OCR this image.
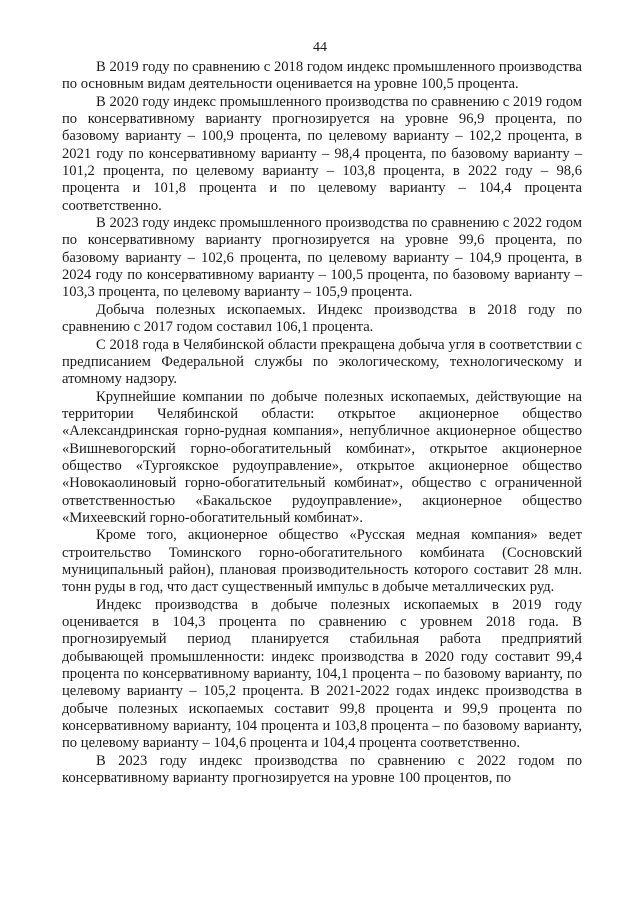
44

В 2019 году по сравнению с 2018 годом индекс промышленного производства по основным видам деятельности оценивается на уровне 100,5 процента.

В 2020 году индекс промышленного производства по сравнению с 2019 годом по консервативному варианту прогнозируется на уровне 96,9 процента, по базовому варианту – 100,9 процента, по целевому варианту – 102,2 процента, в 2021 году по консервативному варианту – 98,4 процента, по базовому варианту – 101,2 процента, по целевому варианту – 103,8 процента, в 2022 году – 98,6 процента и 101,8 процента и по целевому варианту – 104,4 процента соответственно.

В 2023 году индекс промышленного производства по сравнению с 2022 годом по консервативному варианту прогнозируется на уровне 99,6 процента, по базовому варианту – 102,6 процента, по целевому варианту – 104,9 процента, в 2024 году по консервативному варианту – 100,5 процента, по базовому варианту – 103,3 процента, по целевому варианту – 105,9 процента.

Добыча полезных ископаемых. Индекс производства в 2018 году по сравнению с 2017 годом составил 106,1 процента.

С 2018 года в Челябинской области прекращена добыча угля в соответствии с предписанием Федеральной службы по экологическому, технологическому и атомному надзору.

Крупнейшие компании по добыче полезных ископаемых, действующие на территории Челябинской области: открытое акционерное общество «Александринская горно-рудная компания», непубличное акционерное общество «Вишневогорский горно-обогатительный комбинат», открытое акционерное общество «Тургоякское рудоуправление», открытое акционерное общество «Новокаолиновый горно-обогатительный комбинат», общество с ограниченной ответственностью «Бакальское рудоуправление», акционерное общество «Михеевский горно-обогатительный комбинат».

Кроме того, акционерное общество «Русская медная компания» ведет строительство Томинского горно-обогатительного комбината (Сосновский муниципальный район), плановая производительность которого составит 28 млн. тонн руды в год, что даст существенный импульс в добыче металлических руд.

Индекс производства в добыче полезных ископаемых в 2019 году оценивается в 104,3 процента по сравнению с уровнем 2018 года. В прогнозируемый период планируется стабильная работа предприятий добывающей промышленности: индекс производства в 2020 году составит 99,4 процента по консервативному варианту, 104,1 процента – по базовому варианту, по целевому варианту – 105,2 процента. В 2021-2022 годах индекс производства в добыче полезных ископаемых составит 99,8 процента и 99,9 процента по консервативному варианту, 104 процента и 103,8 процента – по базовому варианту, по целевому варианту – 104,6 процента и 104,4 процента соответственно.

В 2023 году индекс производства по сравнению с 2022 годом по консервативному варианту прогнозируется на уровне 100 процентов, по
